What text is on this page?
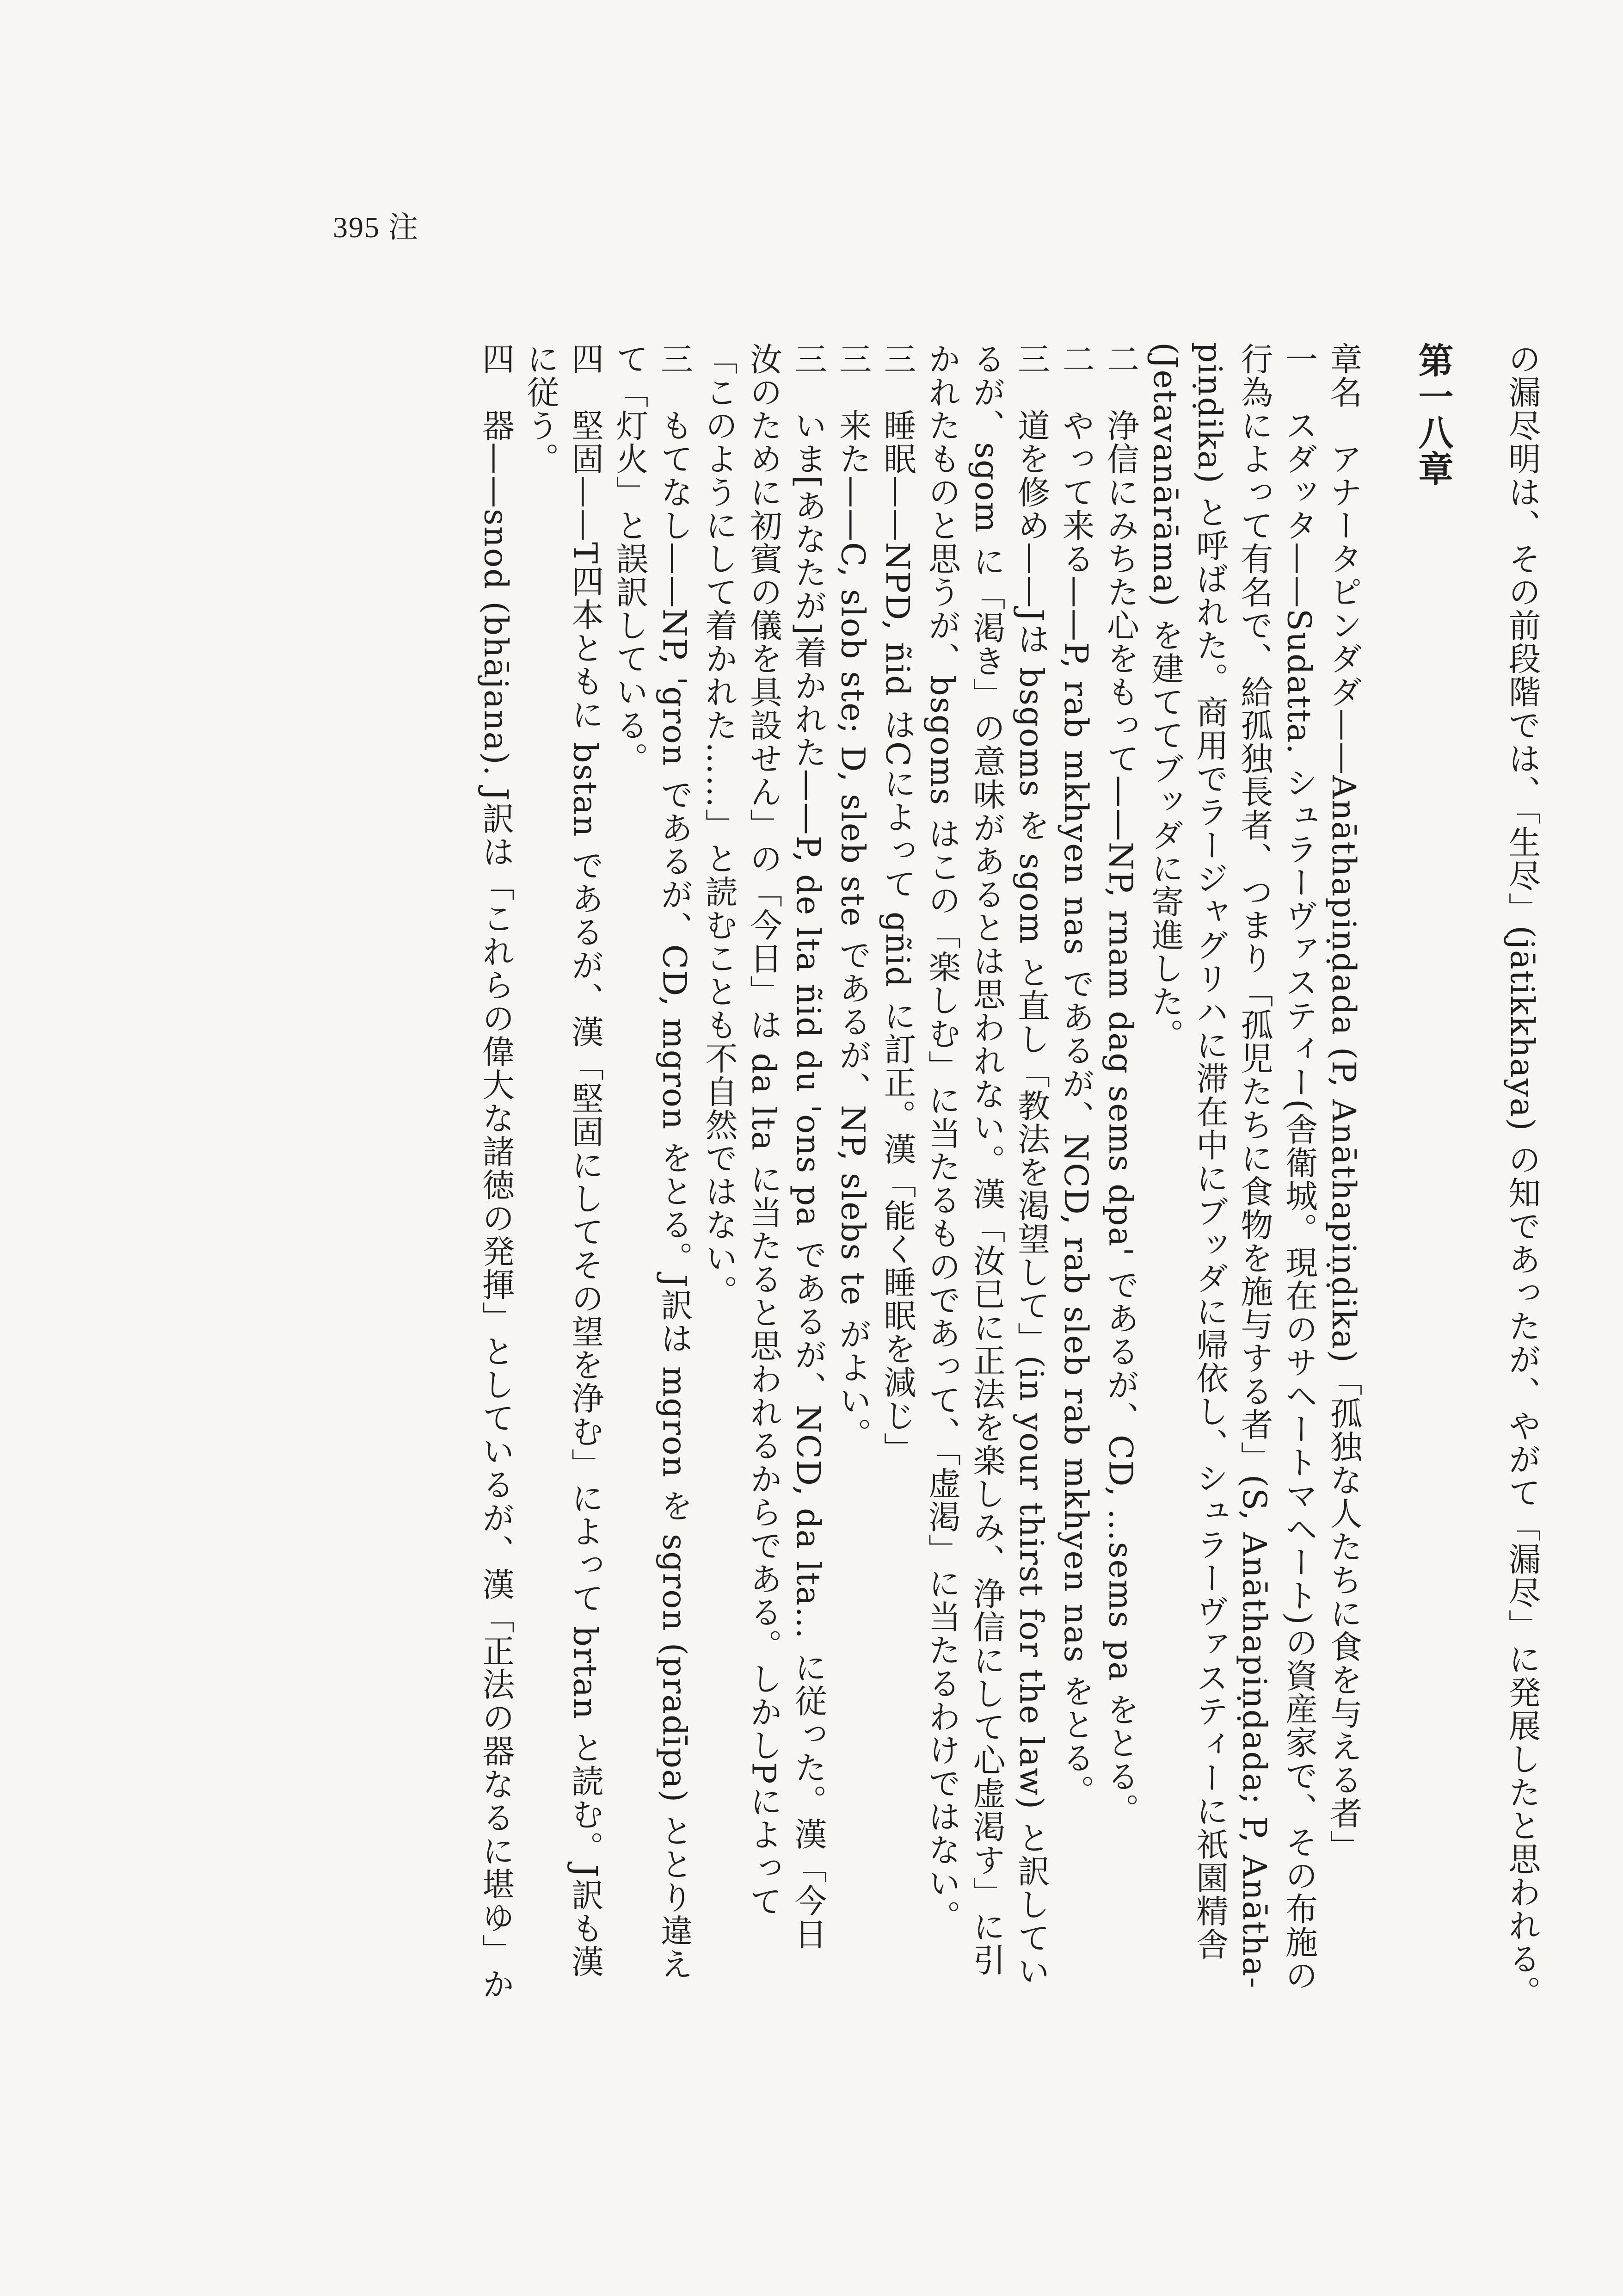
395 注
の漏尽明は、その前段階では、「生尽」(jātikkhaya) の知であったが、やがて「漏尽」に発展したと思われる。

第一八章

章名　アナータピンダダ——Anāthapiṇḍada (P, Anāthapiṇḍika)「孤独な人たちに食を与える者」
一　スダッタ——Sudatta. シュラーヴァスティー(舎衛城。現在のサヘートマヘート)の資産家で、その布施の
行為によって有名で、給孤独長者、つまり「孤児たちに食物を施与する者」(S, Anāthapiṇḍada; P, Anātha-
piṇḍika) と呼ばれた。商用でラージャグリハに滞在中にブッダに帰依し、シュラーヴァスティーに祇園精舎
(Jetavanārāma) を建ててブッダに寄進した。
二　浄信にみちた心をもって——NP, rnam dag sems dpa' であるが、CD, …sems pa をとる。
二　やって来る——P, rab mkhyen nas であるが、NCD, rab sleb rab mkhyen nas をとる。
三　道を修め——Jは bsgoms を sgom と直し「教法を渇望して」(in your thirst for the law) と訳してい
るが、sgom に「渇き」の意味があるとは思われない。漢「汝已に正法を楽しみ、浄信にして心虚渇す」に引
かれたものと思うが、bsgoms はこの「楽しむ」に当たるものであって、「虚渇」に当たるわけではない。
三　睡眠——NPD, ñid はCによって gñid に訂正。漢「能く睡眠を減じ」
三　来た——C, slob ste; D, sleb ste であるが、NP, slebs te がよい。
三　いま[あなたが]着かれた——P, de lta ñid du 'ons pa であるが、NCD, da lta… に従った。漢「今日
汝のために初賓の儀を具設せん」の「今日」は da lta に当たると思われるからである。しかしPによって
「このようにして着かれた……」と読むことも不自然ではない。
三　もてなし——NP, 'gron であるが、CD, mgron をとる。J訳は mgron を sgron (pradīpa) ととり違え
て「灯火」と誤訳している。
四　堅固——T四本ともに bstan であるが、漢「堅固にしてその望を浄む」によって brtan と読む。J訳も漢
に従う。
四　器——snod (bhājana). J訳は「これらの偉大な諸徳の発揮」としているが、漢「正法の器なるに堪ゆ」か
